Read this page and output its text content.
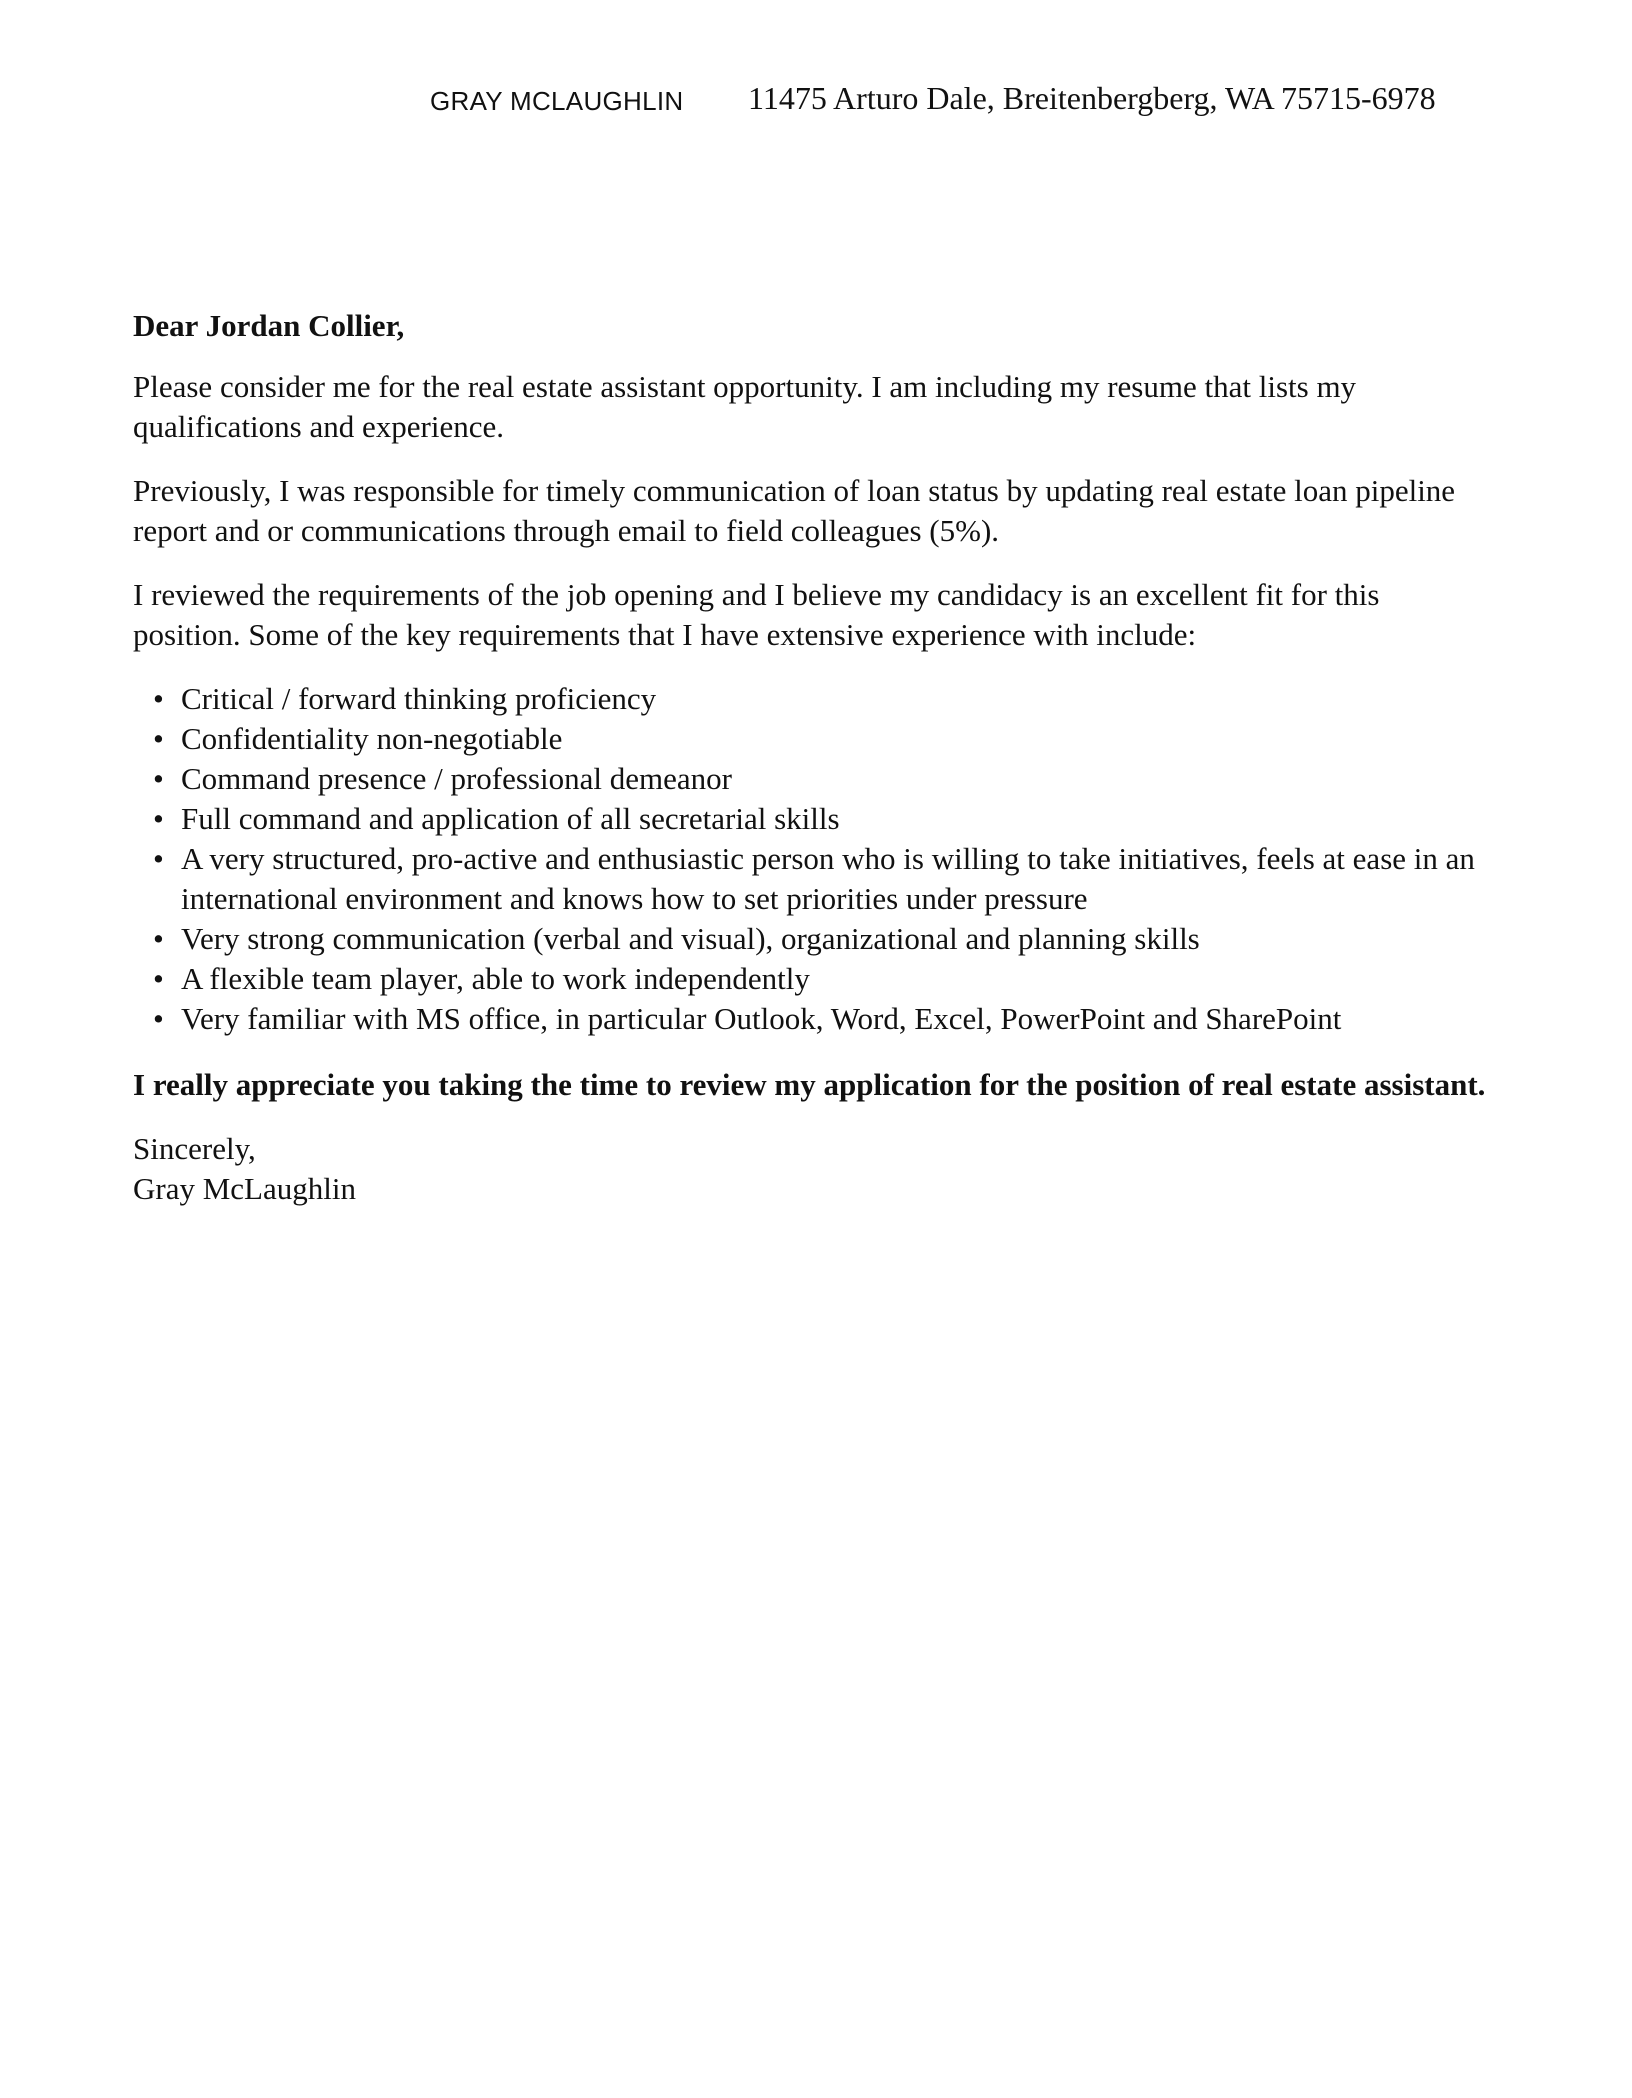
GRAY MCLAUGHLIN 11475 Arturo Dale, Breitenbergberg, WA 75715-6978

Dear Jordan Collier,

Please consider me for the real estate assistant opportunity. I am including my resume that lists my qualifications and experience.

Previously, I was responsible for timely communication of loan status by updating real estate loan pipeline report and or communications through email to field colleagues (5%).

I reviewed the requirements of the job opening and I believe my candidacy is an excellent fit for this position. Some of the key requirements that I have extensive experience with include:

• Critical / forward thinking proficiency
• Confidentiality non-negotiable
• Command presence / professional demeanor
• Full command and application of all secretarial skills
• A very structured, pro-active and enthusiastic person who is willing to take initiatives, feels at ease in an international environment and knows how to set priorities under pressure
• Very strong communication (verbal and visual), organizational and planning skills
• A flexible team player, able to work independently
• Very familiar with MS office, in particular Outlook, Word, Excel, PowerPoint and SharePoint

I really appreciate you taking the time to review my application for the position of real estate assistant.

Sincerely,
Gray McLaughlin
